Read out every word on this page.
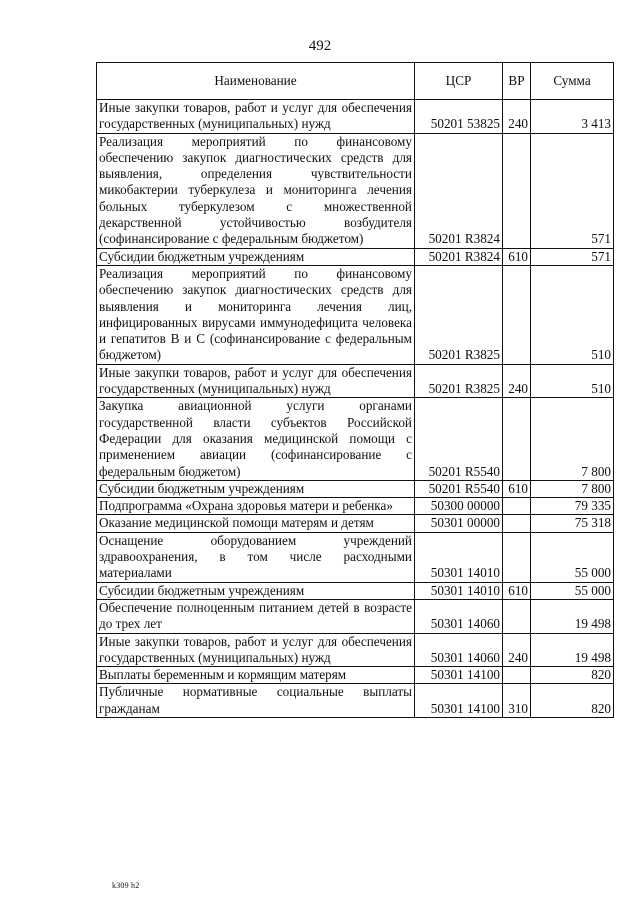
492
Наименование	ЦСР	ВР	Сумма
Иные закупки товаров, работ и услуг для обеспечения государственных (муниципальных) нужд	50201 53825	240	3 413
Реализация мероприятий по финансовому обеспечению закупок диагностических средств для выявления, определения чувствительности микобактерии туберкулеза и мониторинга лечения больных туберкулезом с множественной декарственной устойчивостью возбудителя (софинансирование с федеральным бюджетом)	50201 R3824		571
Субсидии бюджетным учреждениям	50201 R3824	610	571
Реализация мероприятий по финансовому обеспечению закупок диагностических средств для выявления и мониторинга лечения лиц, инфицированных вирусами иммунодефицита человека и гепатитов В и С (софинансирование с федеральным бюджетом)	50201 R3825		510
Иные закупки товаров, работ и услуг для обеспечения государственных (муниципальных) нужд	50201 R3825	240	510
Закупка авиационной услуги органами государственной власти субъектов Российской Федерации для оказания медицинской помощи с применением авиации (софинансирование с федеральным бюджетом)	50201 R5540		7 800
Субсидии бюджетным учреждениям	50201 R5540	610	7 800
Подпрограмма «Охрана здоровья матери и ребенка»	50300 00000		79 335
Оказание медицинской помощи матерям и детям	50301 00000		75 318
Оснащение оборудованием учреждений здравоохранения, в том числе расходными материалами	50301 14010		55 000
Субсидии бюджетным учреждениям	50301 14010	610	55 000
Обеспечение полноценным питанием детей в возрасте до трех лет	50301 14060		19 498
Иные закупки товаров, работ и услуг для обеспечения государственных (муниципальных) нужд	50301 14060	240	19 498
Выплаты беременным и кормящим матерям	50301 14100		820
Публичные нормативные социальные выплаты гражданам	50301 14100	310	820
k309 h2
